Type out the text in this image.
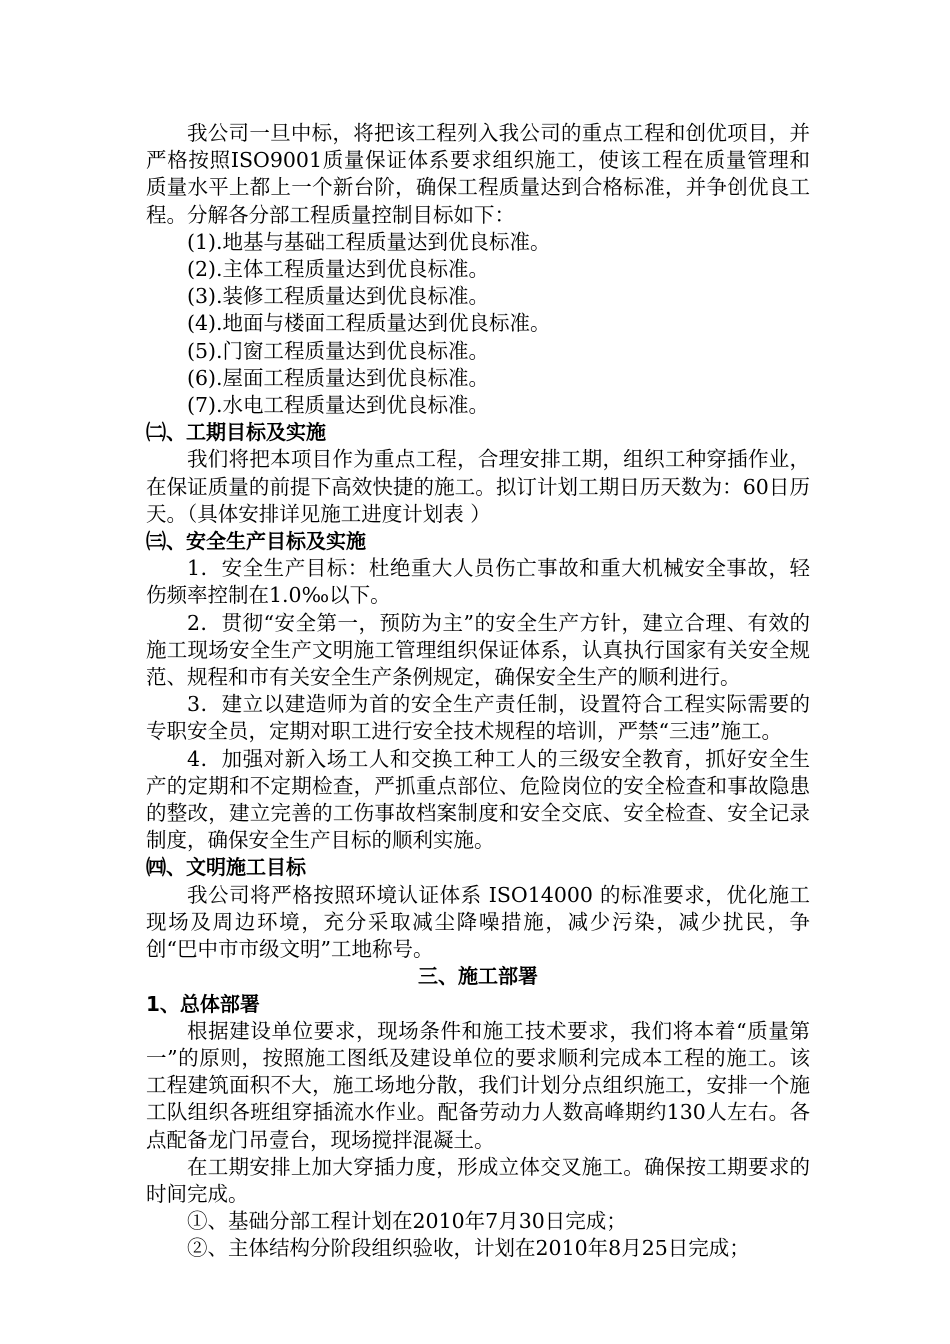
我公司一旦中标，将把该工程列入我公司的重点工程和创优项目，并严格按照ISO9001质量保证体系要求组织施工，使该工程在质量管理和质量水平上都上一个新台阶，确保工程质量达到合格标准，并争创优良工程。分解各分部工程质量控制目标如下：

(1).地基与基础工程质量达到优良标准。

(2).主体工程质量达到优良标准。

(3).装修工程质量达到优良标准。

(4).地面与楼面工程质量达到优良标准。

(5).门窗工程质量达到优良标准。

(6).屋面工程质量达到优良标准。

(7).水电工程质量达到优良标准。

㈡、工期目标及实施

我们将把本项目作为重点工程，合理安排工期，组织工种穿插作业，在保证质量的前提下高效快捷的施工。拟订计划工期日历天数为：60日历天。（具体安排详见施工进度计划表 ）

㈢、安全生产目标及实施

1．安全生产目标：杜绝重大人员伤亡事故和重大机械安全事故，轻伤频率控制在1.0‰以下。

2．贯彻“安全第一，预防为主”的安全生产方针，建立合理、有效的施工现场安全生产文明施工管理组织保证体系，认真执行国家有关安全规范、规程和市有关安全生产条例规定，确保安全生产的顺利进行。

3．建立以建造师为首的安全生产责任制，设置符合工程实际需要的专职安全员，定期对职工进行安全技术规程的培训，严禁“三违”施工。

4．加强对新入场工人和交换工种工人的三级安全教育，抓好安全生产的定期和不定期检查，严抓重点部位、危险岗位的安全检查和事故隐患的整改，建立完善的工伤事故档案制度和安全交底、安全检查、安全记录制度，确保安全生产目标的顺利实施。

㈣、文明施工目标

我公司将严格按照环境认证体系 ISO14000 的标准要求，优化施工现场及周边环境，充分采取减尘降噪措施，减少污染，减少扰民，争创“巴中市市级文明”工地称号。

三、施工部署

1、总体部署

根据建设单位要求，现场条件和施工技术要求，我们将本着“质量第一”的原则，按照施工图纸及建设单位的要求顺利完成本工程的施工。该工程建筑面积不大，施工场地分散，我们计划分点组织施工，安排一个施工队组织各班组穿插流水作业。配备劳动力人数高峰期约130人左右。各点配备龙门吊壹台，现场搅拌混凝土。

在工期安排上加大穿插力度，形成立体交叉施工。确保按工期要求的时间完成。

①、基础分部工程计划在2010年7月30日完成；

②、主体结构分阶段组织验收，计划在2010年8月25日完成；
